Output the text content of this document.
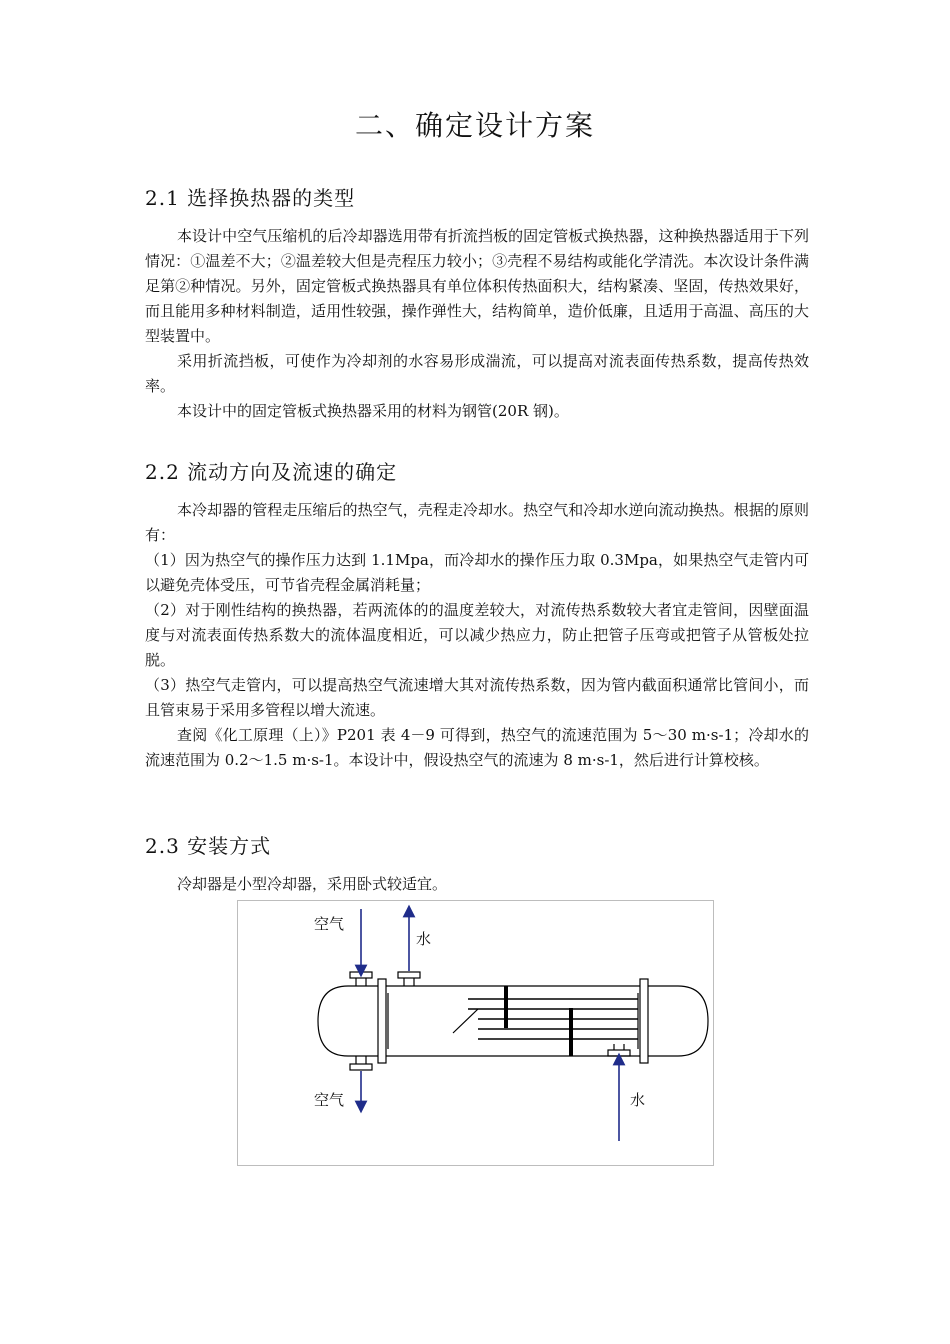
二、确定设计方案
2.1 选择换热器的类型

本设计中空气压缩机的后冷却器选用带有折流挡板的固定管板式换热器，这种换热器适用于下列情况：①温差不大；②温差较大但是壳程压力较小；③壳程不易结构或能化学清洗。本次设计条件满足第②种情况。另外，固定管板式换热器具有单位体积传热面积大，结构紧凑、坚固，传热效果好，而且能用多种材料制造，适用性较强，操作弹性大，结构简单，造价低廉，且适用于高温、高压的大型装置中。

采用折流挡板，可使作为冷却剂的水容易形成湍流，可以提高对流表面传热系数，提高传热效率。

本设计中的固定管板式换热器采用的材料为钢管(20R 钢)。

2.2 流动方向及流速的确定

本冷却器的管程走压缩后的热空气，壳程走冷却水。热空气和冷却水逆向流动换热。根据的原则有：

（1）因为热空气的操作压力达到 1.1Mpa，而冷却水的操作压力取 0.3Mpa，如果热空气走管内可以避免壳体受压，可节省壳程金属消耗量；

（2）对于刚性结构的换热器，若两流体的的温度差较大，对流传热系数较大者宜走管间，因壁面温度与对流表面传热系数大的流体温度相近，可以减少热应力，防止把管子压弯或把管子从管板处拉脱。

（3）热空气走管内，可以提高热空气流速增大其对流传热系数，因为管内截面积通常比管间小，而且管束易于采用多管程以增大流速。

查阅《化工原理（上）》P201 表 4－9 可得到，热空气的流速范围为 5～30 m·s-1；冷却水的流速范围为 0.2～1.5 m·s-1。本设计中，假设热空气的流速为 8 m·s-1，然后进行计算校核。

2.3 安装方式

冷却器是小型冷却器，采用卧式较适宜。

空气
水
空气	水
